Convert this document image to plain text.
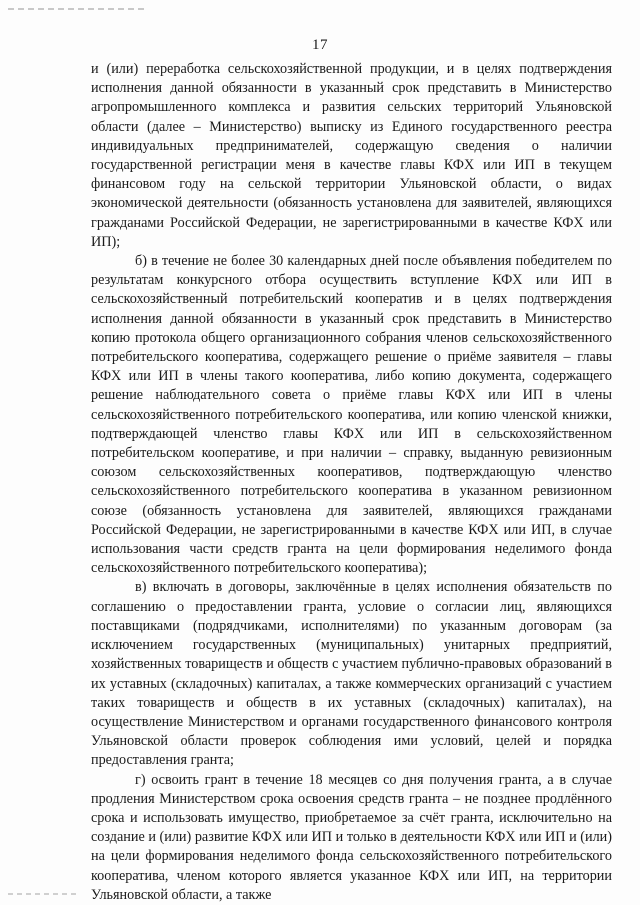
17

и (или) переработка сельскохозяйственной продукции, и в целях подтверждения исполнения данной обязанности в указанный срок представить в Министерство агропромышленного комплекса и развития сельских территорий Ульяновской области (далее – Министерство) выписку из Единого государственного реестра индивидуальных предпринимателей, содержащую сведения о наличии государственной регистрации меня в качестве главы КФХ или ИП в текущем финансовом году на сельской территории Ульяновской области, о видах экономической деятельности (обязанность установлена для заявителей, являющихся гражданами Российской Федерации, не зарегистрированными в качестве КФХ или ИП);

б) в течение не более 30 календарных дней после объявления победителем по результатам конкурсного отбора осуществить вступление КФХ или ИП в сельскохозяйственный потребительский кооператив и в целях подтверждения исполнения данной обязанности в указанный срок представить в Министерство копию протокола общего организационного собрания членов сельскохозяйственного потребительского кооператива, содержащего решение о приёме заявителя – главы КФХ или ИП в члены такого кооператива, либо копию документа, содержащего решение наблюдательного совета о приёме главы КФХ или ИП в члены сельскохозяйственного потребительского кооператива, или копию членской книжки, подтверждающей членство главы КФХ или ИП в сельскохозяйственном потребительском кооперативе, и при наличии – справку, выданную ревизионным союзом сельскохозяйственных кооперативов, подтверждающую членство сельскохозяйственного потребительского кооператива в указанном ревизионном союзе (обязанность установлена для заявителей, являющихся гражданами Российской Федерации, не зарегистрированными в качестве КФХ или ИП, в случае использования части средств гранта на цели формирования неделимого фонда сельскохозяйственного потребительского кооператива);

в) включать в договоры, заключённые в целях исполнения обязательств по соглашению о предоставлении гранта, условие о согласии лиц, являющихся поставщиками (подрядчиками, исполнителями) по указанным договорам (за исключением государственных (муниципальных) унитарных предприятий, хозяйственных товариществ и обществ с участием публично-правовых образований в их уставных (складочных) капиталах, а также коммерческих организаций с участием таких товариществ и обществ в их уставных (складочных) капиталах), на осуществление Министерством и органами государственного финансового контроля Ульяновской области проверок соблюдения ими условий, целей и порядка предоставления гранта;

г) освоить грант в течение 18 месяцев со дня получения гранта, а в случае продления Министерством срока освоения средств гранта – не позднее продлённого срока и использовать имущество, приобретаемое за счёт гранта, исключительно на создание и (или) развитие КФХ или ИП и только в деятельности КФХ или ИП и (или) на цели формирования неделимого фонда сельскохозяйственного потребительского кооператива, членом которого является указанное КФХ или ИП, на территории Ульяновской области, а также
